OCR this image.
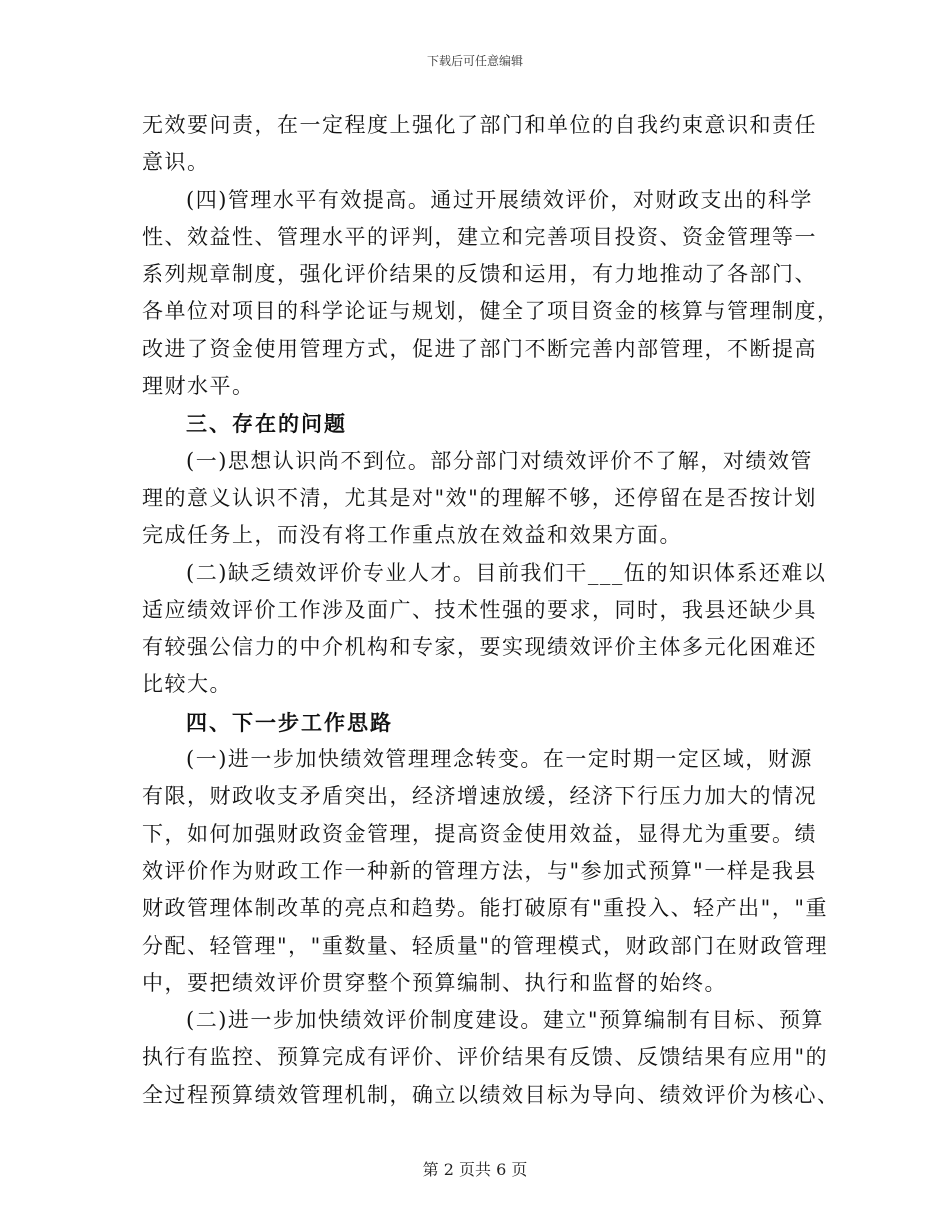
下载后可任意编辑
无效要问责，在一定程度上强化了部门和单位的自我约束意识和责任
意识。
(四)管理水平有效提高。通过开展绩效评价，对财政支出的科学
性、效益性、管理水平的评判，建立和完善项目投资、资金管理等一
系列规章制度，强化评价结果的反馈和运用，有力地推动了各部门、
各单位对项目的科学论证与规划，健全了项目资金的核算与管理制度，
改进了资金使用管理方式，促进了部门不断完善内部管理，不断提高
理财水平。
三、存在的问题
(一)思想认识尚不到位。部分部门对绩效评价不了解，对绩效管
理的意义认识不清，尤其是对"效"的理解不够，还停留在是否按计划
完成任务上，而没有将工作重点放在效益和效果方面。
(二)缺乏绩效评价专业人才。目前我们干___伍的知识体系还难以
适应绩效评价工作涉及面广、技术性强的要求，同时，我县还缺少具
有较强公信力的中介机构和专家，要实现绩效评价主体多元化困难还
比较大。
四、下一步工作思路
(一)进一步加快绩效管理理念转变。在一定时期一定区域，财源
有限，财政收支矛盾突出，经济增速放缓，经济下行压力加大的情况
下，如何加强财政资金管理，提高资金使用效益，显得尤为重要。绩
效评价作为财政工作一种新的管理方法，与"参加式预算"一样是我县
财政管理体制改革的亮点和趋势。能打破原有"重投入、轻产出"，"重
分配、轻管理"，"重数量、轻质量"的管理模式，财政部门在财政管理
中，要把绩效评价贯穿整个预算编制、执行和监督的始终。
(二)进一步加快绩效评价制度建设。建立"预算编制有目标、预算
执行有监控、预算完成有评价、评价结果有反馈、反馈结果有应用"的
全过程预算绩效管理机制，确立以绩效目标为导向、绩效评价为核心、
第 2 页共 6 页
